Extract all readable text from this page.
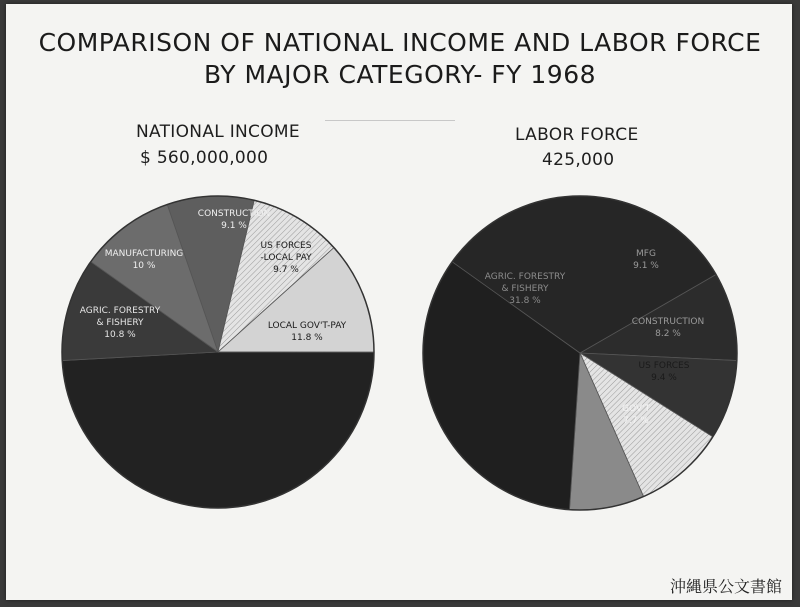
COMPARISON OF NATIONAL INCOME AND LABOR FORCE
BY MAJOR CATEGORY- FY 1968
NATIONAL INCOME
$ 560,000,000
LABOR FORCE
425,000
CONSTRUCTION
9.1 %
US FORCES
-LOCAL PAY
9.7 %
LOCAL GOV'T-PAY
11.8 %
AGRIC. FORESTRY
& FISHERY
10.8 %
MANUFACTURING
10 %
MFG
9.1 %
CONSTRUCTION
8.2 %
US FORCES
9.4 %
GOV'T
7.7 %
AGRIC. FORESTRY
& FISHERY
31.8 %
沖縄県公文書館
